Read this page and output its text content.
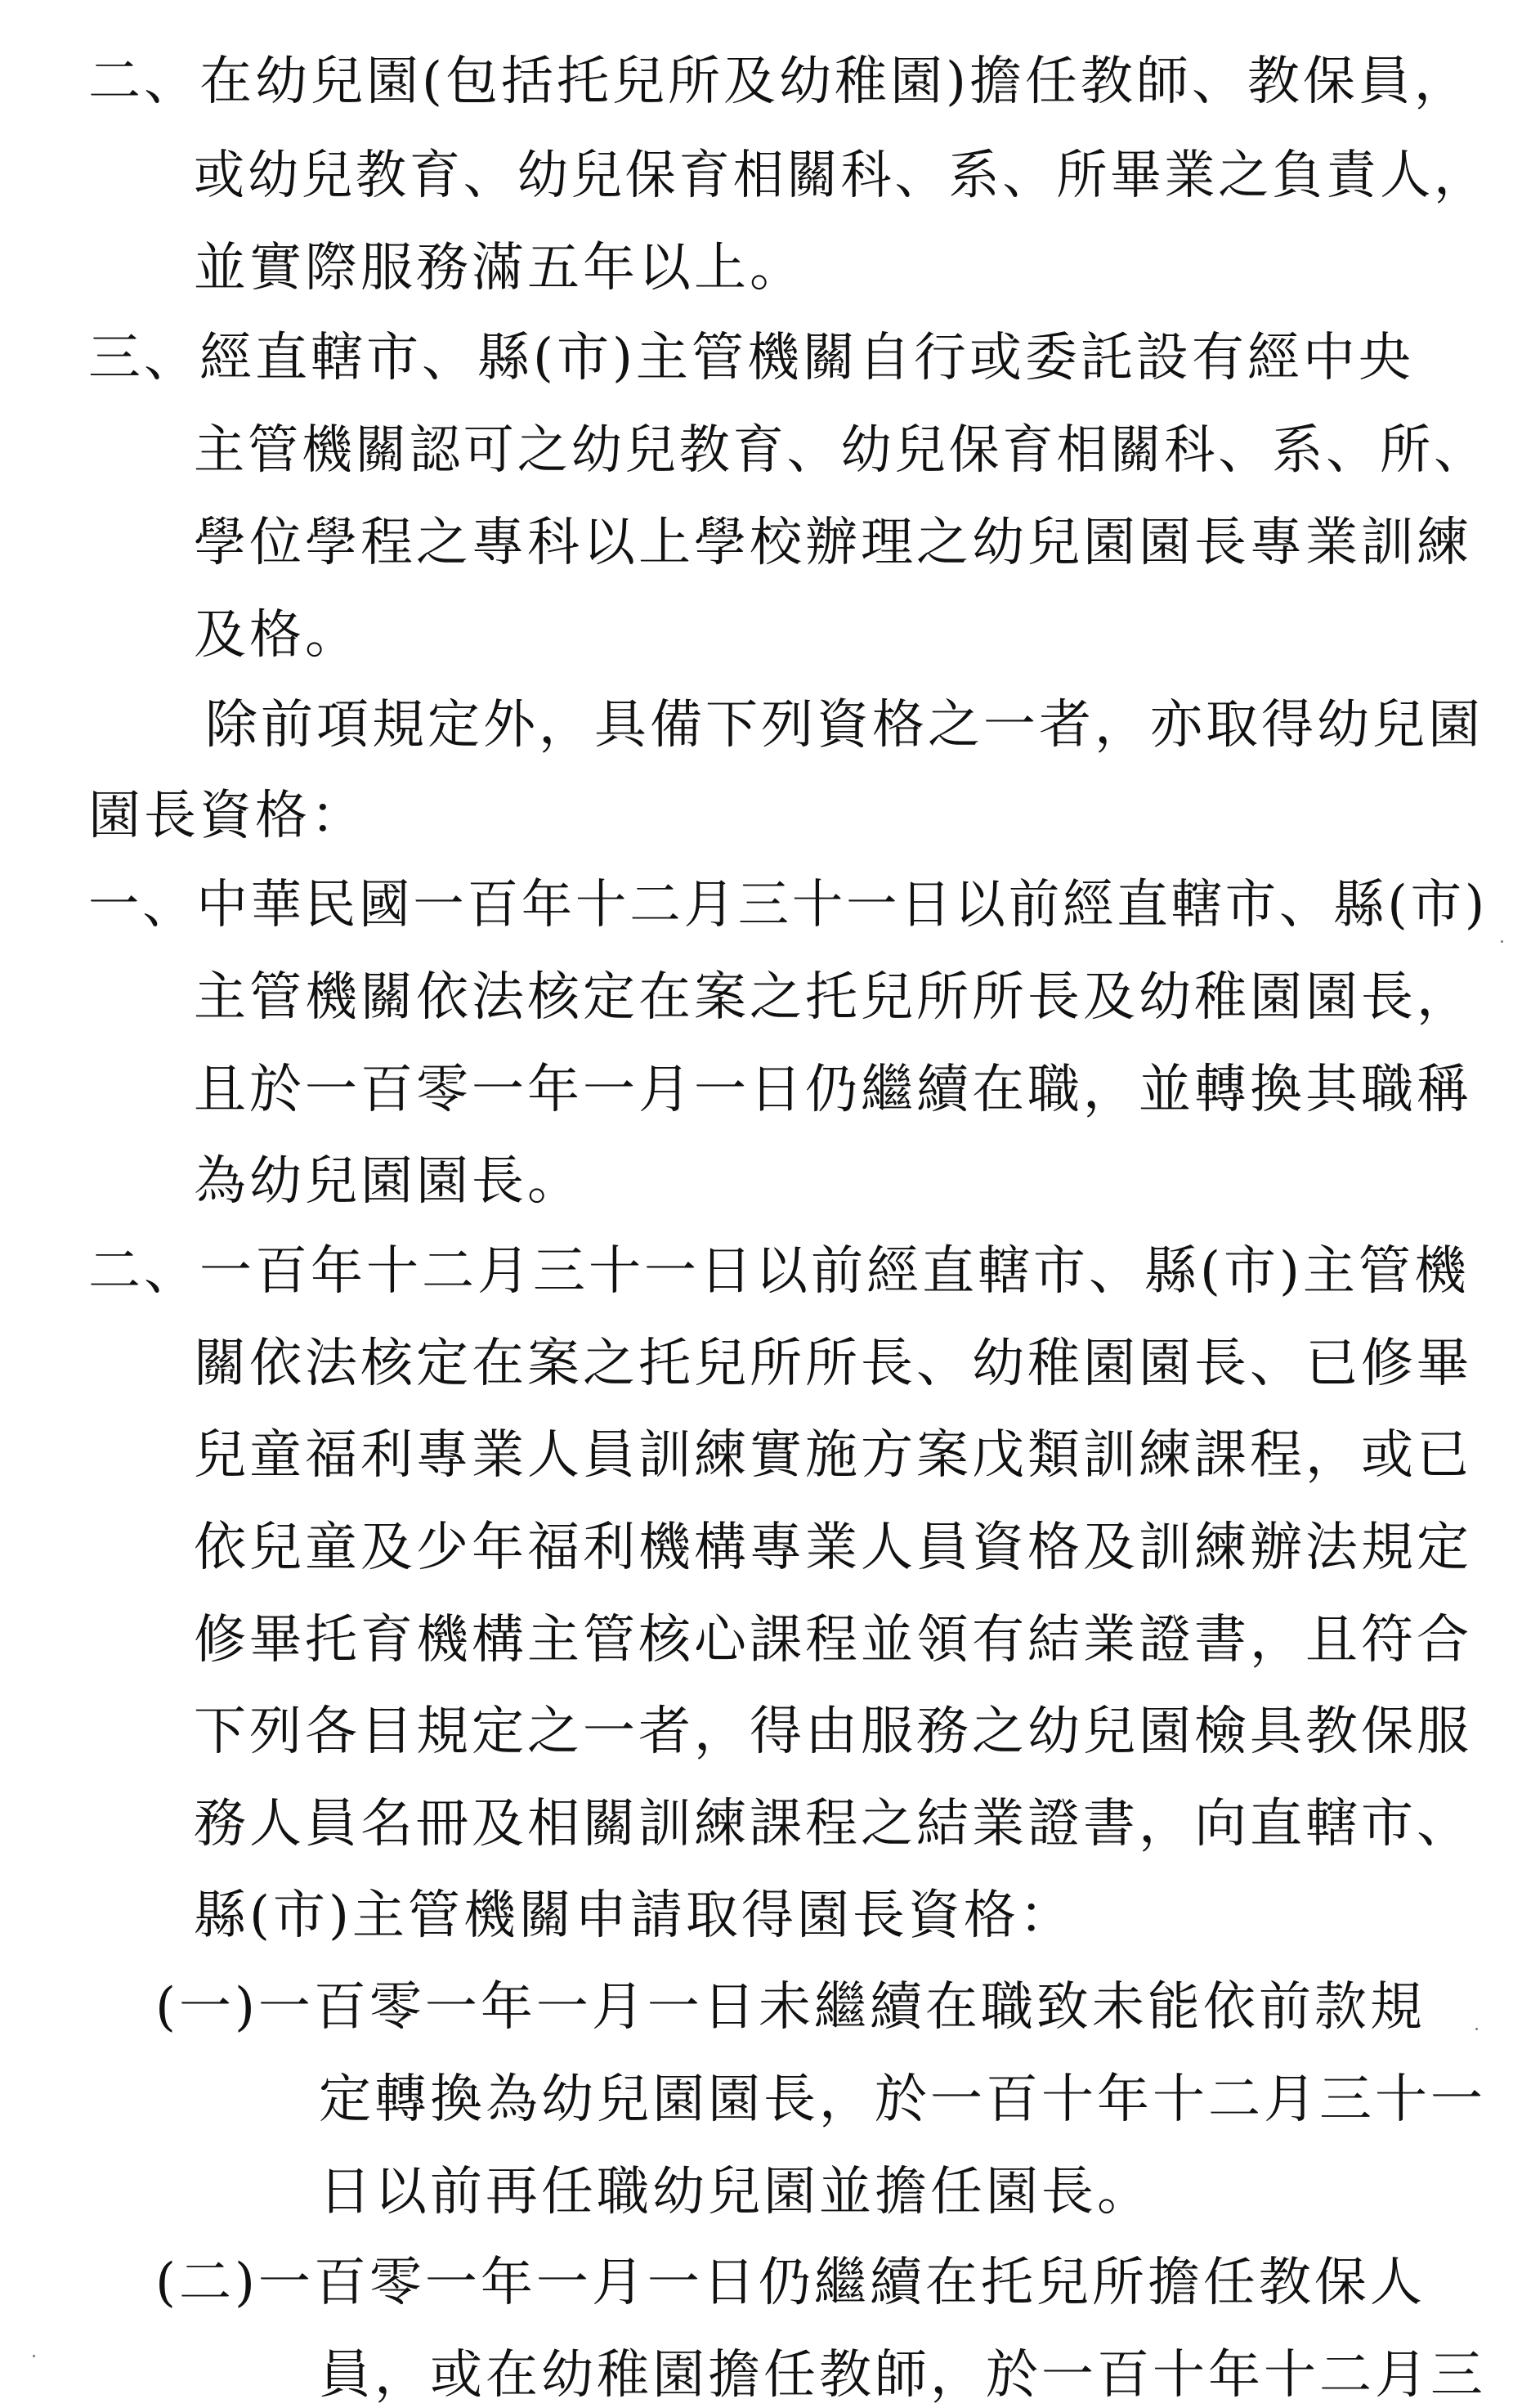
二、在幼兒園(包括托兒所及幼稚園)擔任教師、教保員，
或幼兒教育、幼兒保育相關科、系、所畢業之負責人，
並實際服務滿五年以上。
三、經直轄市、縣(市)主管機關自行或委託設有經中央
主管機關認可之幼兒教育、幼兒保育相關科、系、所、
學位學程之專科以上學校辦理之幼兒園園長專業訓練
及格。
除前項規定外，具備下列資格之一者，亦取得幼兒園
園長資格：
一、中華民國一百年十二月三十一日以前經直轄市、縣(市)
主管機關依法核定在案之托兒所所長及幼稚園園長，
且於一百零一年一月一日仍繼續在職，並轉換其職稱
為幼兒園園長。
二、一百年十二月三十一日以前經直轄市、縣(市)主管機
關依法核定在案之托兒所所長、幼稚園園長、已修畢
兒童福利專業人員訓練實施方案戊類訓練課程，或已
依兒童及少年福利機構專業人員資格及訓練辦法規定
修畢托育機構主管核心課程並領有結業證書，且符合
下列各目規定之一者，得由服務之幼兒園檢具教保服
務人員名冊及相關訓練課程之結業證書，向直轄市、
縣(市)主管機關申請取得園長資格：
(一)一百零一年一月一日未繼續在職致未能依前款規
定轉換為幼兒園園長，於一百十年十二月三十一
日以前再任職幼兒園並擔任園長。
(二)一百零一年一月一日仍繼續在托兒所擔任教保人
員，或在幼稚園擔任教師，於一百十年十二月三
